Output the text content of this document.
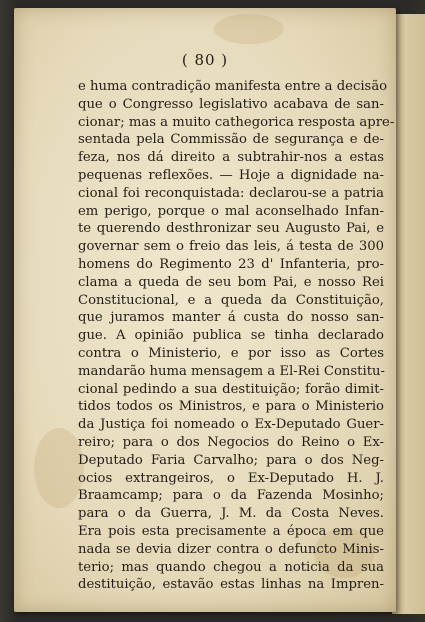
( 80 )
e huma contradição manifesta entre a decisão
que o Congresso legislativo acabava de san-
cionar; mas a muito cathegorica resposta apre-
sentada pela Commissão de segurança e de-
feza, nos dá direito a subtrahir-nos a estas
pequenas reflexões. — Hoje a dignidade na-
cional foi reconquistada: declarou-se a patria
em perigo, porque o mal aconselhado Infan-
te querendo desthronizar seu Augusto Pai, e
governar sem o freio das leis, á testa de 300
homens do Regimento 23 d' Infanteria, pro-
clama a queda de seu bom Pai, e nosso Rei
Constitucional, e a queda da Constituição,
que juramos manter á custa do nosso san-
gue. A opinião publica se tinha declarado
contra o Ministerio, e por isso as Cortes
mandarão huma mensagem a El-Rei Constitu-
cional pedindo a sua destituição; forão dimit-
tidos todos os Ministros, e para o Ministerio
da Justiça foi nomeado o Ex-Deputado Guer-
reiro; para o dos Negocios do Reino o Ex-
Deputado Faria Carvalho; para o dos Neg-
ocios extrangeiros, o Ex-Deputado H. J.
Braamcamp; para o da Fazenda Mosinho;
para o da Guerra, J. M. da Costa Neves.
Era pois esta precisamente a época em que
nada se devia dizer contra o defuncto Minis-
terio; mas quando chegou a noticia da sua
destituição, estavão estas linhas na Impren-
